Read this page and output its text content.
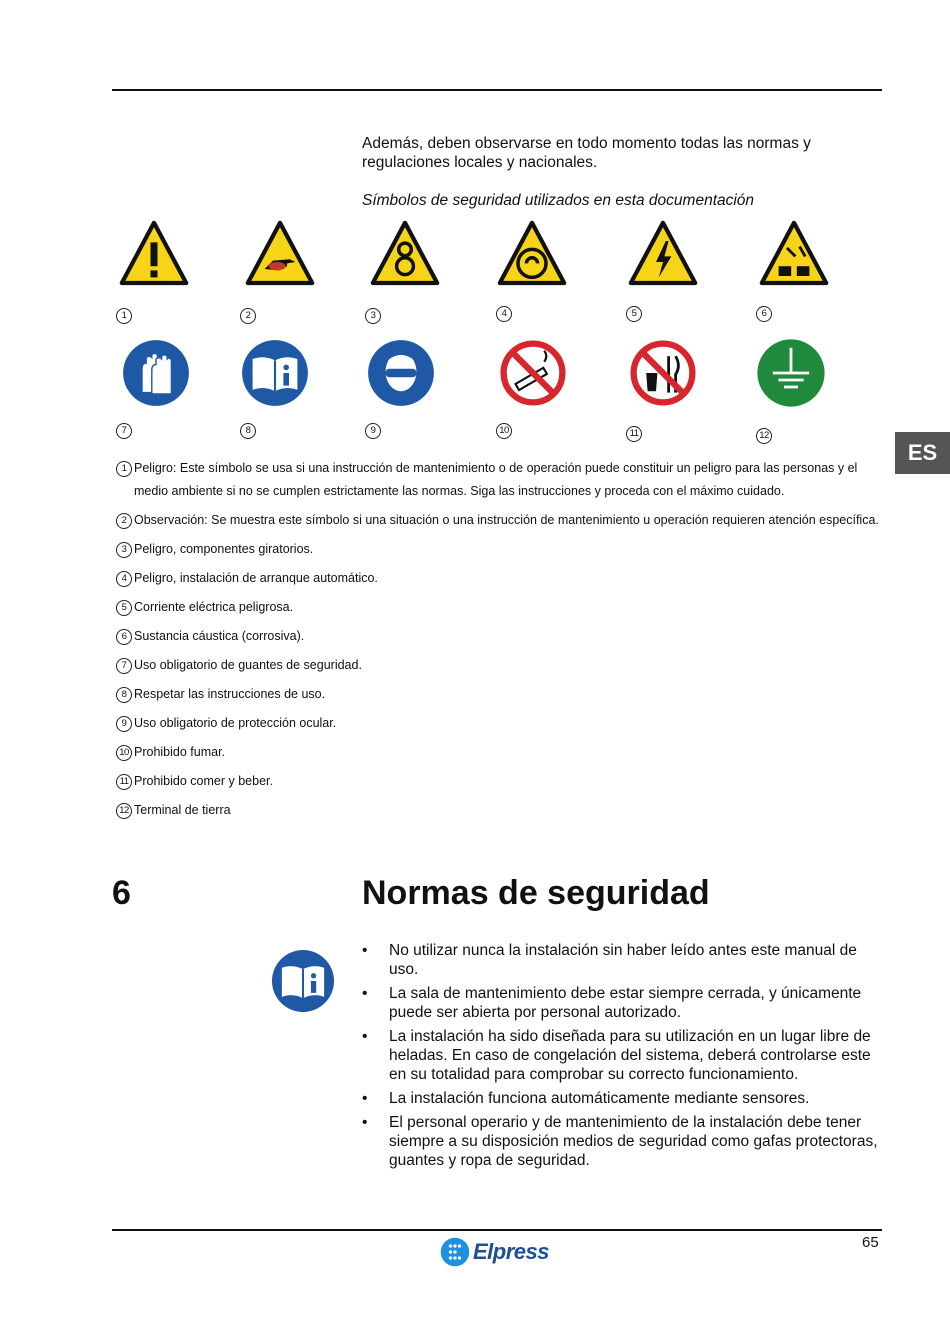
Además, deben observarse en todo momento todas las normas y regulaciones locales y nacionales.

Símbolos de seguridad utilizados en esta documentación

1	2	3	4	5	6
7	8	9	10	11	12
ES
1 Peligro: Este símbolo se usa si una instrucción de mantenimiento o de operación puede constituir un peligro para las personas y el medio ambiente si no se cumplen estrictamente las normas. Siga las instrucciones y proceda con el máximo cuidado.
2 Observación: Se muestra este símbolo si una situación o una instrucción de mantenimiento u operación requieren atención específica.
3 Peligro, componentes giratorios.
4 Peligro, instalación de arranque automático.
5 Corriente eléctrica peligrosa.
6 Sustancia cáustica (corrosiva).
7 Uso obligatorio de guantes de seguridad.
8 Respetar las instrucciones de uso.
9 Uso obligatorio de protección ocular.
10 Prohibido fumar.
11 Prohibido comer y beber.
12 Terminal de tierra
6	Normas de seguridad
• No utilizar nunca la instalación sin haber leído antes este manual de uso.
• La sala de mantenimiento debe estar siempre cerrada, y únicamente puede ser abierta por personal autorizado.
• La instalación ha sido diseñada para su utilización en un lugar libre de heladas. En caso de congelación del sistema, deberá controlarse este en su totalidad para comprobar su correcto funcionamiento.
• La instalación funciona automáticamente mediante sensores.
• El personal operario y de mantenimiento de la instalación debe tener siempre a su disposición medios de seguridad como gafas protectoras, guantes y ropa de seguridad.
Elpress	65
